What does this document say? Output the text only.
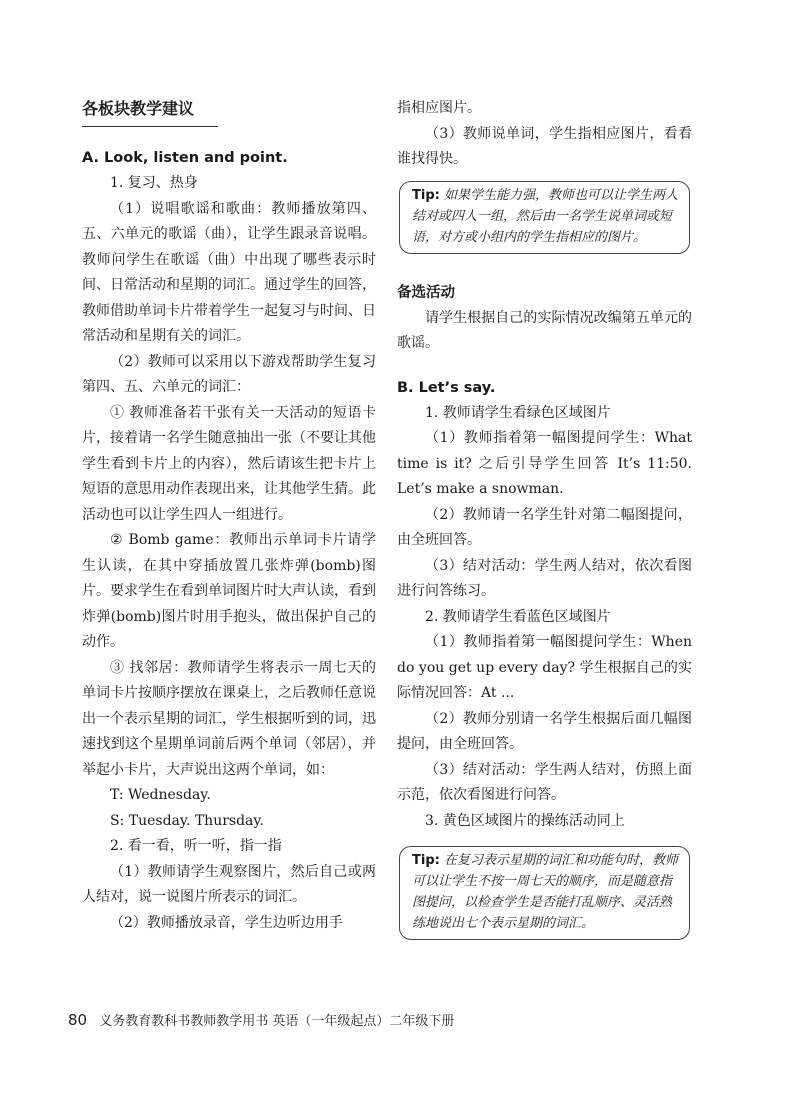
各板块教学建议
A. Look, listen and point.

1. 复习、热身

（1）说唱歌谣和歌曲：教师播放第四、五、六单元的歌谣（曲），让学生跟录音说唱。教师问学生在歌谣（曲）中出现了哪些表示时间、日常活动和星期的词汇。通过学生的回答，教师借助单词卡片带着学生一起复习与时间、日常活动和星期有关的词汇。

（2）教师可以采用以下游戏帮助学生复习第四、五、六单元的词汇：

① 教师准备若干张有关一天活动的短语卡片，接着请一名学生随意抽出一张（不要让其他学生看到卡片上的内容），然后请该生把卡片上短语的意思用动作表现出来，让其他学生猜。此活动也可以让学生四人一组进行。

② Bomb game：教师出示单词卡片请学生认读，在其中穿插放置几张炸弹(bomb)图片。要求学生在看到单词图片时大声认读，看到炸弹(bomb)图片时用手抱头，做出保护自己的动作。

③ 找邻居：教师请学生将表示一周七天的单词卡片按顺序摆放在课桌上，之后教师任意说出一个表示星期的词汇，学生根据听到的词，迅速找到这个星期单词前后两个单词（邻居），并举起小卡片，大声说出这两个单词，如：

T: Wednesday.

S: Tuesday. Thursday.

2. 看一看，听一听，指一指

（1）教师请学生观察图片，然后自己或两人结对，说一说图片所表示的词汇。

（2）教师播放录音，学生边听边用手

指相应图片。

（3）教师说单词，学生指相应图片，看看谁找得快。

Tip: 如果学生能力强，教师也可以让学生两人结对或四人一组，然后由一名学生说单词或短语，对方或小组内的学生指相应的图片。

备选活动

请学生根据自己的实际情况改编第五单元的歌谣。

B. Let’s say.

1. 教师请学生看绿色区域图片

（1）教师指着第一幅图提问学生：What time is it? 之后引导学生回答 It’s 11:50. Let’s make a snowman.

（2）教师请一名学生针对第二幅图提问，由全班回答。

（3）结对活动：学生两人结对，依次看图进行问答练习。

2. 教师请学生看蓝色区域图片

（1）教师指着第一幅图提问学生：When do you get up every day? 学生根据自己的实际情况回答：At ...

（2）教师分别请一名学生根据后面几幅图提问，由全班回答。

（3）结对活动：学生两人结对，仿照上面示范，依次看图进行问答。

3. 黄色区域图片的操练活动同上

Tip: 在复习表示星期的词汇和功能句时，教师可以让学生不按一周七天的顺序，而是随意指图提问，以检查学生是否能打乱顺序、灵活熟练地说出七个表示星期的词汇。

80 义务教育教科书教师教学用书 英语（一年级起点）二年级下册
